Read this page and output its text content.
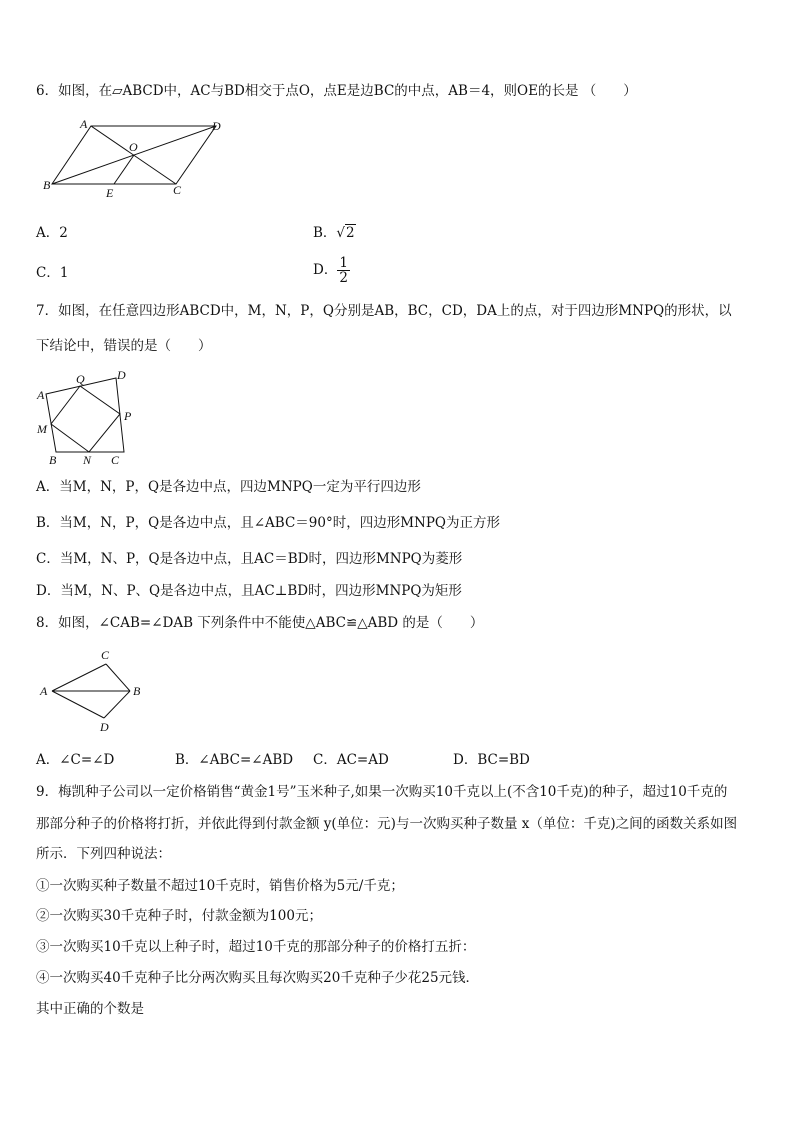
6．如图，在▱ABCD中，AC与BD相交于点O，点E是边BC的中点，AB＝4，则OE的长是 （　　）
A	D
O
B
E	C
A．2	B．√2
C．1	D． $\frac{1}{2}$
7．如图，在任意四边形ABCD中，M，N，P，Q分别是AB，BC，CD，DA上的点，对于四边形MNPQ的形状，以
下结论中，错误的是（　　）
A
Q	D
P
M
B N C
A．当M，N，P，Q是各边中点，四边MNPQ一定为平行四边形
B．当M，N，P，Q是各边中点，且∠ABC＝90°时，四边形MNPQ为正方形
C．当M，N、P，Q是各边中点，且AC＝BD时，四边形MNPQ为菱形
D．当M，N、P、Q是各边中点，且AC⊥BD时，四边形MNPQ为矩形
8．如图，∠CAB=∠DAB 下列条件中不能使△ABC≌△ABD 的是（　　）
C
A	B
D
A．∠C=∠D	B．∠ABC=∠ABD C．AC=AD	D．BC=BD
9．梅凯种子公司以一定价格销售“黄金1号”玉米种子,如果一次购买10千克以上(不含10千克)的种子，超过10千克的
那部分种子的价格将打折，并依此得到付款金额 y(单位：元)与一次购买种子数量 x（单位：千克)之间的函数关系如图
所示．下列四种说法：
①一次购买种子数量不超过10千克时，销售价格为5元/千克；
②一次购买30千克种子时，付款金额为100元；
③一次购买10千克以上种子时，超过10千克的那部分种子的价格打五折：
④一次购买40千克种子比分两次购买且每次购买20千克种子少花25元钱．
其中正确的个数是
